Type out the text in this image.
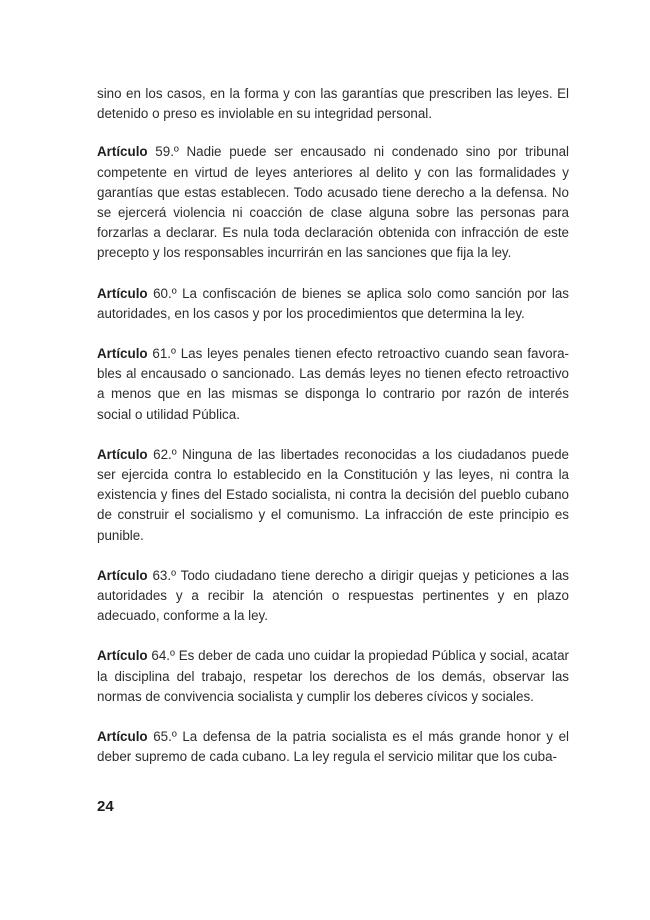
sino en los casos, en la forma y con las garantías que prescriben las leyes. El detenido o preso es inviolable en su integridad personal.

Artículo 59.º Nadie puede ser encausado ni condenado sino por tribunal competente en virtud de leyes anteriores al delito y con las formalidades y garantías que estas establecen. Todo acusado tiene derecho a la defensa. No se ejercerá violencia ni coacción de clase alguna sobre las personas para forzarlas a declarar. Es nula toda declaración obtenida con infracción de este precepto y los responsables incurrirán en las sanciones que fija la ley.

Artículo 60.º La confiscación de bienes se aplica solo como sanción por las autoridades, en los casos y por los procedimientos que determina la ley.

Artículo 61.º Las leyes penales tienen efecto retroactivo cuando sean favora-bles al encausado o sancionado. Las demás leyes no tienen efecto retroactivo a menos que en las mismas se disponga lo contrario por razón de interés social o utilidad Pública.

Artículo 62.º Ninguna de las libertades reconocidas a los ciudadanos puede ser ejercida contra lo establecido en la Constitución y las leyes, ni contra la existencia y fines del Estado socialista, ni contra la decisión del pueblo cubano de construir el socialismo y el comunismo. La infracción de este principio es punible.

Artículo 63.º Todo ciudadano tiene derecho a dirigir quejas y peticiones a las autoridades y a recibir la atención o respuestas pertinentes y en plazo adecuado, conforme a la ley.

Artículo 64.º Es deber de cada uno cuidar la propiedad Pública y social, acatar la disciplina del trabajo, respetar los derechos de los demás, observar las normas de convivencia socialista y cumplir los deberes cívicos y sociales.

Artículo 65.º La defensa de la patria socialista es el más grande honor y el deber supremo de cada cubano. La ley regula el servicio militar que los cuba-

24
